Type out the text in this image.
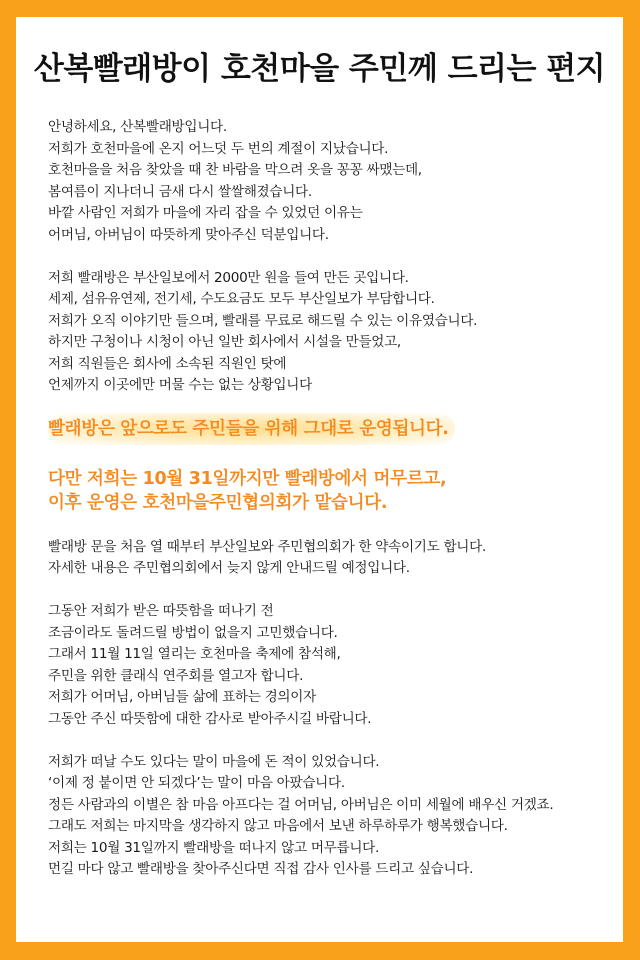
산복빨래방이 호천마을 주민께 드리는 편지
안녕하세요, 산복빨래방입니다.
저희가 호천마을에 온지 어느덧 두 번의 계절이 지났습니다.
호천마을을 처음 찾았을 때 찬 바람을 막으려 옷을 꽁꽁 싸맸는데,
봄여름이 지나더니 금새 다시 쌀쌀해졌습니다.
바깥 사람인 저희가 마을에 자리 잡을 수 있었던 이유는
어머님, 아버님이 따뜻하게 맞아주신 덕분입니다.
저희 빨래방은 부산일보에서 2000만 원을 들여 만든 곳입니다.
세제, 섬유유연제, 전기세, 수도요금도 모두 부산일보가 부담합니다.
저희가 오직 이야기만 들으며, 빨래를 무료로 해드릴 수 있는 이유였습니다.
하지만 구청이나 시청이 아닌 일반 회사에서 시설을 만들었고,
저희 직원들은 회사에 소속된 직원인 탓에
언제까지 이곳에만 머물 수는 없는 상황입니다
빨래방은 앞으로도 주민들을 위해 그대로 운영됩니다.
다만 저희는 10월 31일까지만 빨래방에서 머무르고,
이후 운영은 호천마을주민협의회가 맡습니다.
빨래방 문을 처음 열 때부터 부산일보와 주민협의회가 한 약속이기도 합니다.
자세한 내용은 주민협의회에서 늦지 않게 안내드릴 예정입니다.
그동안 저희가 받은 따뜻함을 떠나기 전
조금이라도 돌려드릴 방법이 없을지 고민했습니다.
그래서 11월 11일 열리는 호천마을 축제에 참석해,
주민을 위한 클래식 연주회를 열고자 합니다.
저희가 어머님, 아버님들 삶에 표하는 경의이자
그동안 주신 따뜻함에 대한 감사로 받아주시길 바랍니다.
저희가 떠날 수도 있다는 말이 마을에 돈 적이 있었습니다.
‘이제 정 붙이면 안 되겠다’는 말이 마음 아팠습니다.
정든 사람과의 이별은 참 마음 아프다는 걸 어머님, 아버님은 이미 세월에 배우신 거겠죠.
그래도 저희는 마지막을 생각하지 않고 마음에서 보낸 하루하루가 행복했습니다.
저희는 10월 31일까지 빨래방을 떠나지 않고 머무릅니다.
먼길 마다 않고 빨래방을 찾아주신다면 직접 감사 인사를 드리고 싶습니다.
